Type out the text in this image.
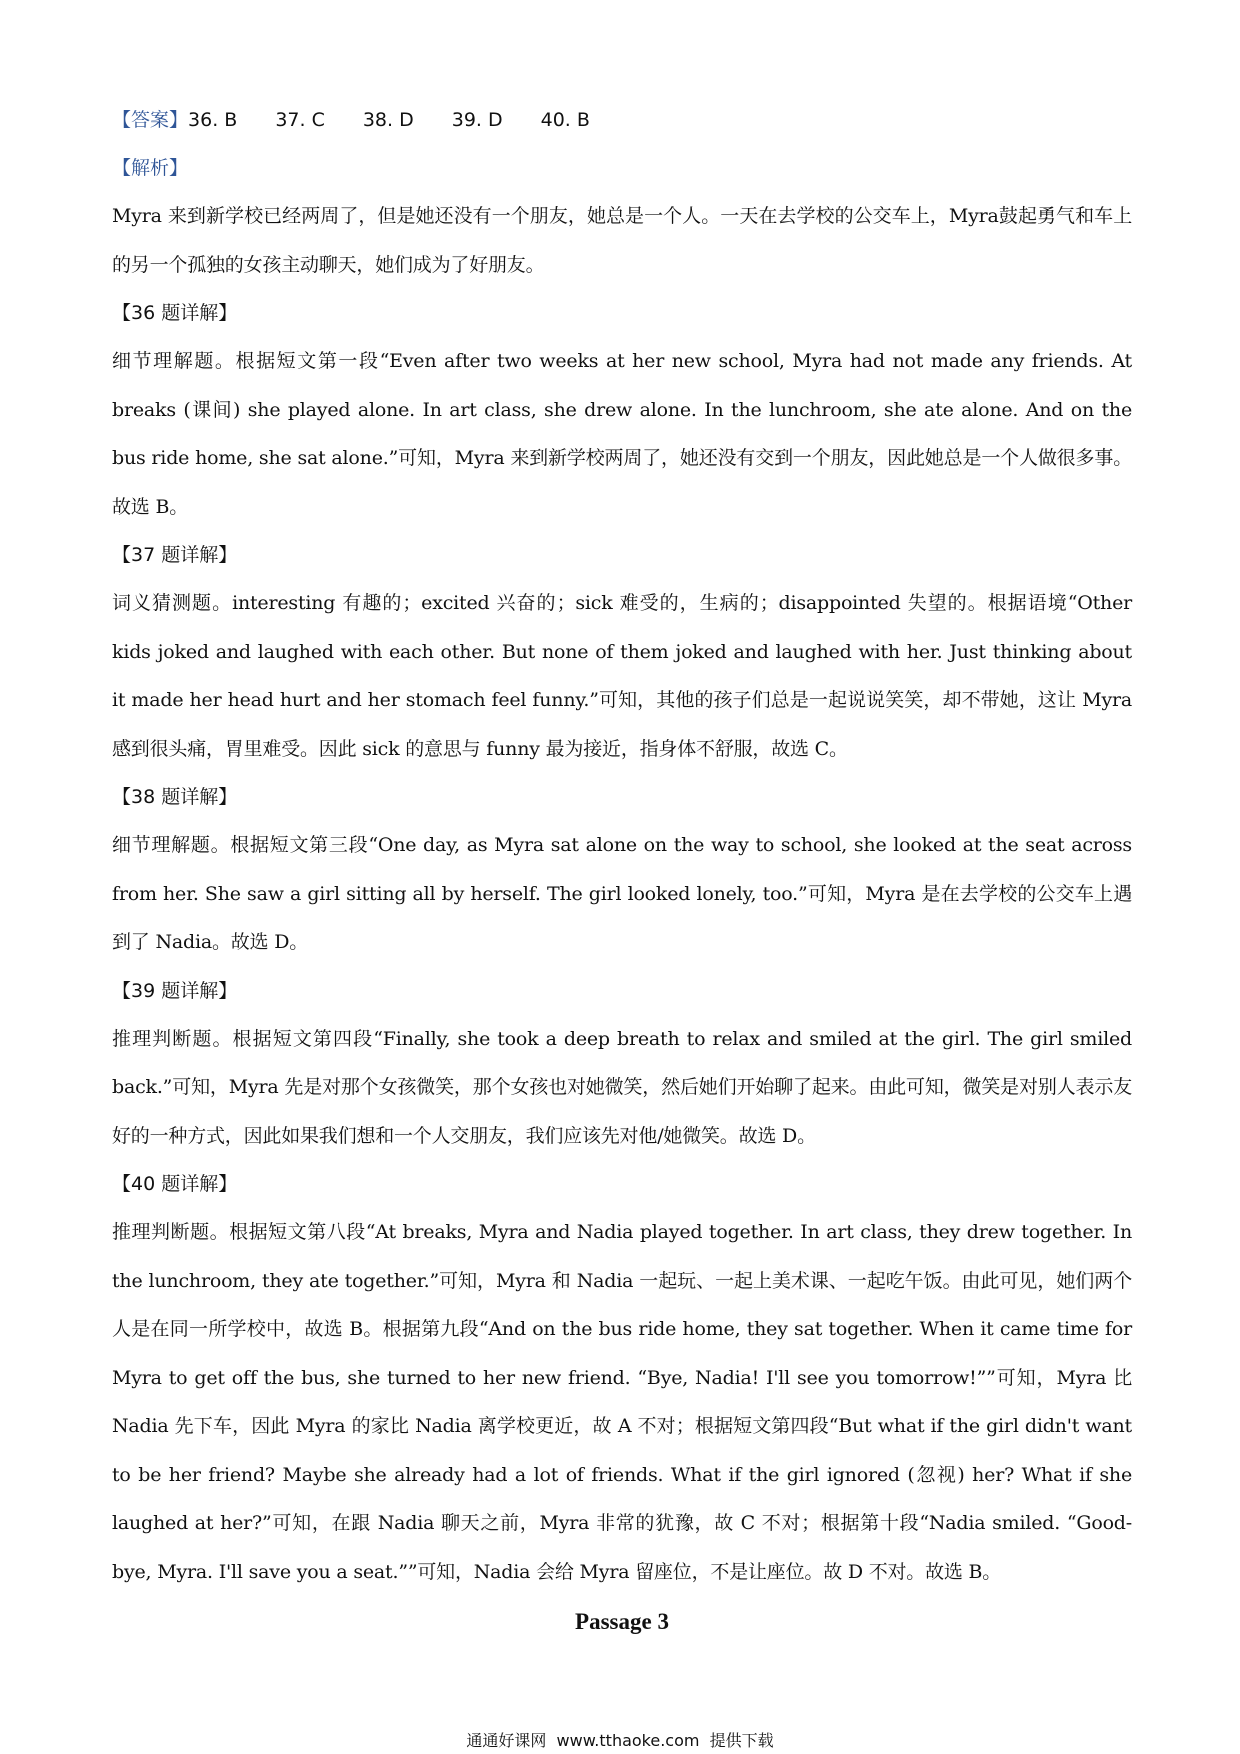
【答案】36. B 37. C 38. D 39. D 40. B
【解析】
Myra 来到新学校已经两周了，但是她还没有一个朋友，她总是一个人。一天在去学校的公交车上，Myra鼓起勇气和车上的另一个孤独的女孩主动聊天，她们成为了好朋友。
【36 题详解】
细节理解题。根据短文第一段“Even after two weeks at her new school, Myra had not made any friends. At breaks (课间) she played alone. In art class, she drew alone. In the lunchroom, she ate alone. And on the bus ride home, she sat alone.”可知，Myra 来到新学校两周了，她还没有交到一个朋友，因此她总是一个人做很多事。故选 B。
【37 题详解】
词义猜测题。interesting 有趣的；excited 兴奋的；sick 难受的，生病的；disappointed 失望的。根据语境“Other kids joked and laughed with each other. But none of them joked and laughed with her. Just thinking about it made her head hurt and her stomach feel funny.”可知，其他的孩子们总是一起说说笑笑，却不带她，这让 Myra 感到很头痛，胃里难受。因此 sick 的意思与 funny 最为接近，指身体不舒服，故选 C。
【38 题详解】
细节理解题。根据短文第三段“One day, as Myra sat alone on the way to school, she looked at the seat across from her. She saw a girl sitting all by herself. The girl looked lonely, too.”可知，Myra 是在去学校的公交车上遇到了 Nadia。故选 D。
【39 题详解】
推理判断题。根据短文第四段“Finally, she took a deep breath to relax and smiled at the girl. The girl smiled back.”可知，Myra 先是对那个女孩微笑，那个女孩也对她微笑，然后她们开始聊了起来。由此可知，微笑是对别人表示友好的一种方式，因此如果我们想和一个人交朋友，我们应该先对他/她微笑。故选 D。
【40 题详解】
推理判断题。根据短文第八段“At breaks, Myra and Nadia played together. In art class, they drew together. In the lunchroom, they ate together.”可知，Myra 和 Nadia 一起玩、一起上美术课、一起吃午饭。由此可见，她们两个人是在同一所学校中，故选 B。根据第九段“And on the bus ride home, they sat together. When it came time for Myra to get off the bus, she turned to her new friend. “Bye, Nadia! I'll see you tomorrow!””可知，Myra 比 Nadia 先下车，因此 Myra 的家比 Nadia 离学校更近，故 A 不对；根据短文第四段“But what if the girl didn't want to be her friend? Maybe she already had a lot of friends. What if the girl ignored (忽视) her? What if she laughed at her?”可知，在跟 Nadia 聊天之前，Myra 非常的犹豫，故 C 不对；根据第十段“Nadia smiled. “Good-bye, Myra. I'll save you a seat.””可知，Nadia 会给 Myra 留座位，不是让座位。故 D 不对。故选 B。
Passage 3
通通好课网  www.tthaoke.com  提供下载
